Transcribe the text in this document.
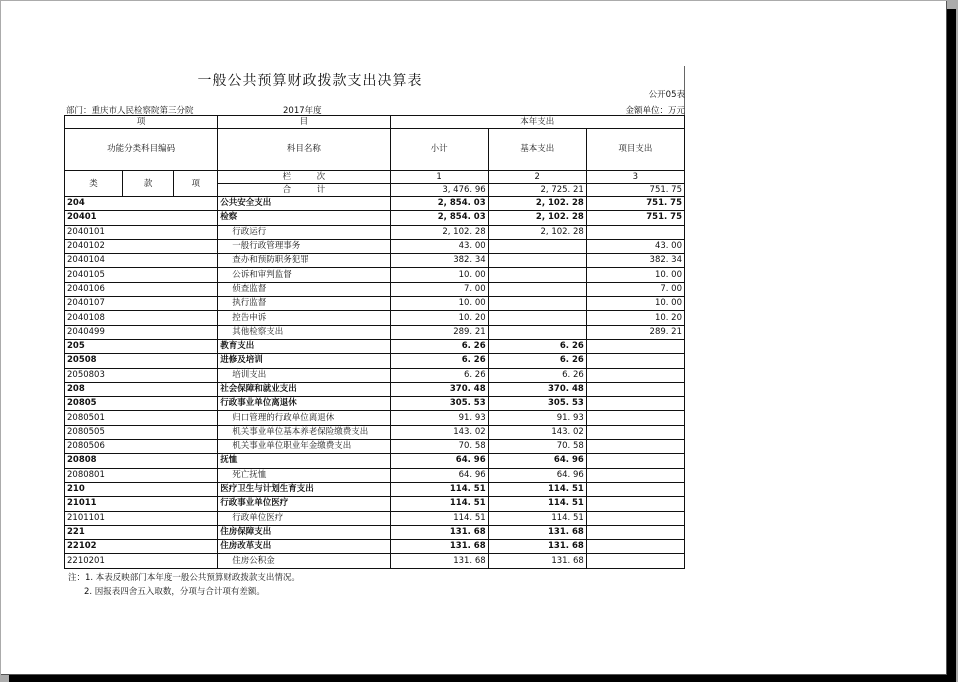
一般公共预算财政拨款支出决算表
公开05表
部门：重庆市人民检察院第三分院	2017年度	金额单位：万元
项			目	本年支出		
功能分类科目编码			科目名称	小计	基本支出	项目支出
类	款	项	栏　　　次	1	2	3
			合　　　计	3, 476. 96	2, 725. 21	751. 75
204			公共安全支出	2, 854. 03	2, 102. 28	751. 75
20401			检察	2, 854. 03	2, 102. 28	751. 75
2040101			行政运行	2, 102. 28	2, 102. 28	
2040102			一般行政管理事务	43. 00		43. 00
2040104			查办和预防职务犯罪	382. 34		382. 34
2040105			公诉和审判监督	10. 00		10. 00
2040106			侦查监督	7. 00		7. 00
2040107			执行监督	10. 00		10. 00
2040108			控告申诉	10. 20		10. 20
2040499			其他检察支出	289. 21		289. 21
205			教育支出	6. 26	6. 26	
20508			进修及培训	6. 26	6. 26	
2050803			培训支出	6. 26	6. 26	
208			社会保障和就业支出	370. 48	370. 48	
20805			行政事业单位离退休	305. 53	305. 53	
2080501			归口管理的行政单位离退休	91. 93	91. 93	
2080505			机关事业单位基本养老保险缴费支出	143. 02	143. 02	
2080506			机关事业单位职业年金缴费支出	70. 58	70. 58	
20808			抚恤	64. 96	64. 96	
2080801			死亡抚恤	64. 96	64. 96	
210			医疗卫生与计划生育支出	114. 51	114. 51	
21011			行政事业单位医疗	114. 51	114. 51	
2101101			行政单位医疗	114. 51	114. 51	
221			住房保障支出	131. 68	131. 68	
22102			住房改革支出	131. 68	131. 68	
2210201			住房公积金	131. 68	131. 68	
注：1. 本表反映部门本年度一般公共预算财政拨款支出情况。
2. 因报表四舍五入取数，分项与合计项有差额。
